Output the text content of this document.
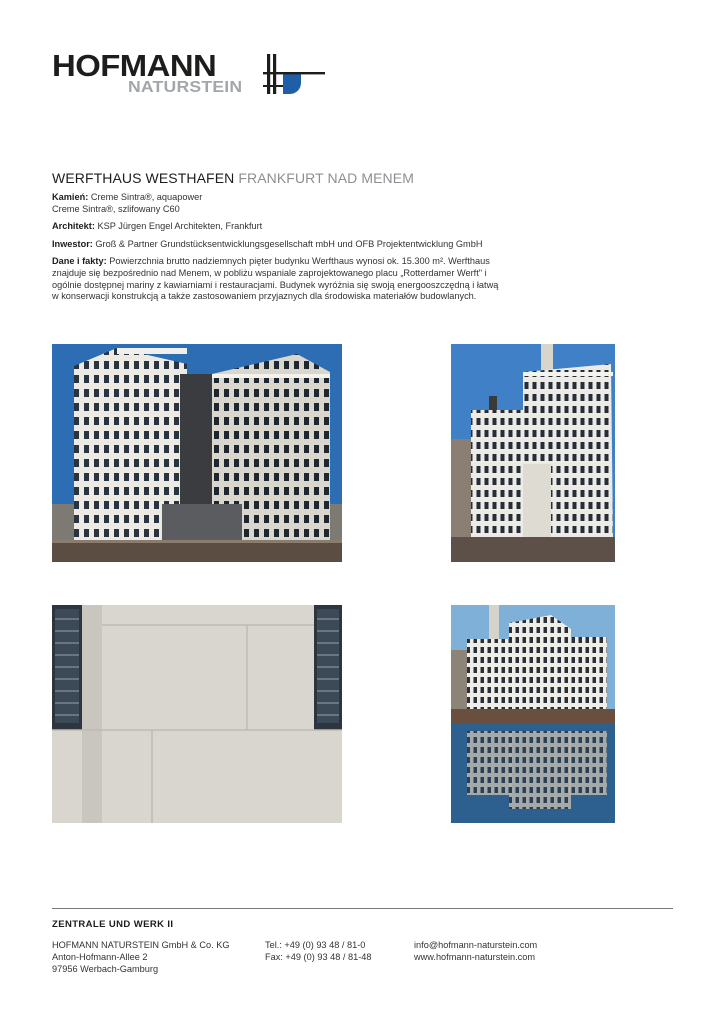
HOFMANN
NATURSTEIN
WERFTHAUS WESTHAFEN FRANKFURT NAD MENEM

Kamień: Creme Sintra®, aquapower
Creme Sintra®, szlifowany C60

Architekt: KSP Jürgen Engel Architekten, Frankfurt

Inwestor: Groß & Partner Grundstücksentwicklungsgesellschaft mbH und OFB Projektentwicklung GmbH

Dane i fakty: Powierzchnia brutto nadziemnych pięter budynku Werfthaus wynosi ok. 15.300 m². Werfthaus
znajduje się bezpośrednio nad Menem, w pobliżu wspaniale zaprojektowanego placu „Rotterdamer Werft" i
ogólnie dostępnej mariny z kawiarniami i restauracjami. Budynek wyróżnia się swoją energooszczędną i łatwą
w konserwacji konstrukcją a także zastosowaniem przyjaznych dla środowiska materiałów budowlanych.

ZENTRALE UND WERK II
HOFMANN NATURSTEIN GmbH & Co. KG
Anton-Hofmann-Allee 2
97956 Werbach-Gamburg
Tel.: +49 (0) 93 48 / 81-0
Fax: +49 (0) 93 48 / 81-48
info@hofmann-naturstein.com
www.hofmann-naturstein.com
